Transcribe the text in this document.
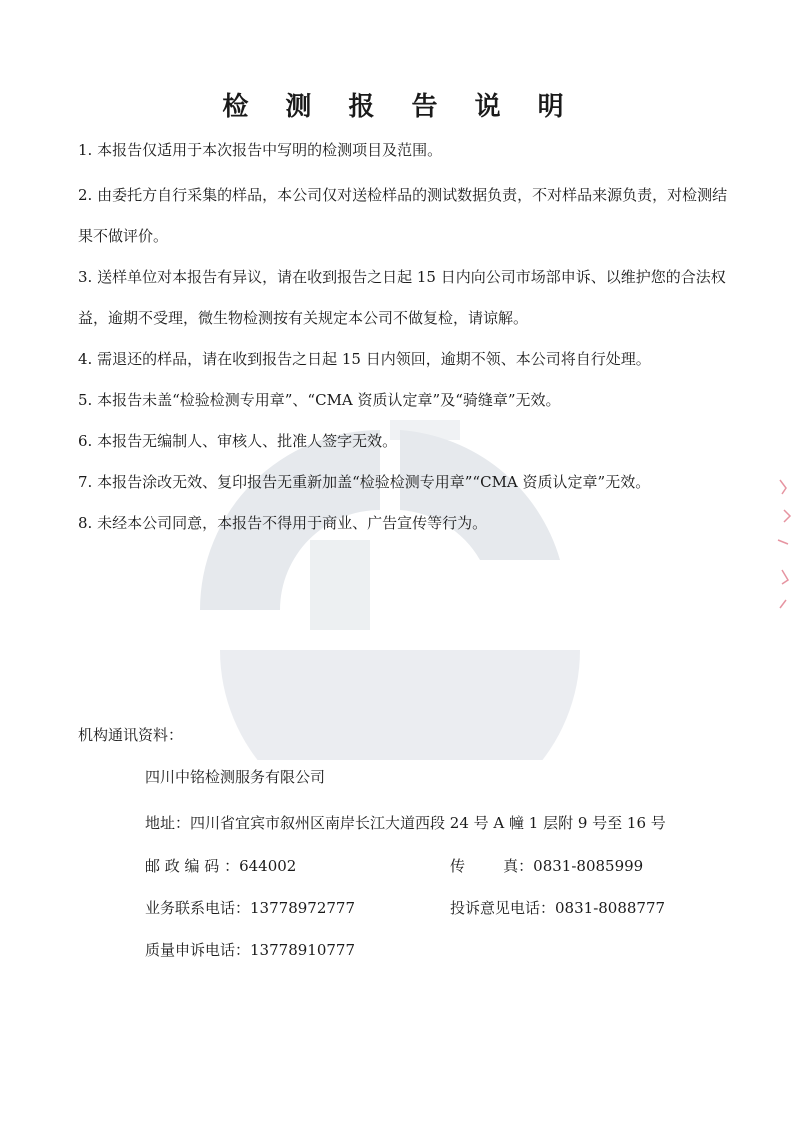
检 测 报 告 说 明
1. 本报告仅适用于本次报告中写明的检测项目及范围。
2. 由委托方自行采集的样品，本公司仅对送检样品的测试数据负责，不对样品来源负责，对检测结果不做评价。
3. 送样单位对本报告有异议，请在收到报告之日起 15 日内向公司市场部申诉、以维护您的合法权益，逾期不受理，微生物检测按有关规定本公司不做复检，请谅解。
4. 需退还的样品，请在收到报告之日起 15 日内领回，逾期不领、本公司将自行处理。
5. 本报告未盖“检验检测专用章”、“CMA 资质认定章”及“骑缝章”无效。
6. 本报告无编制人、审核人、批准人签字无效。
7. 本报告涂改无效、复印报告无重新加盖“检验检测专用章”“CMA 资质认定章”无效。
8. 未经本公司同意，本报告不得用于商业、广告宣传等行为。
机构通讯资料：
四川中铭检测服务有限公司
地址：四川省宜宾市叙州区南岸长江大道西段 24 号 A 幢 1 层附 9 号至 16 号
邮 政 编 码 ：644002	传        真：0831-8085999
业务联系电话：13778972777	投诉意见电话：0831-8088777
质量申诉电话：13778910777
